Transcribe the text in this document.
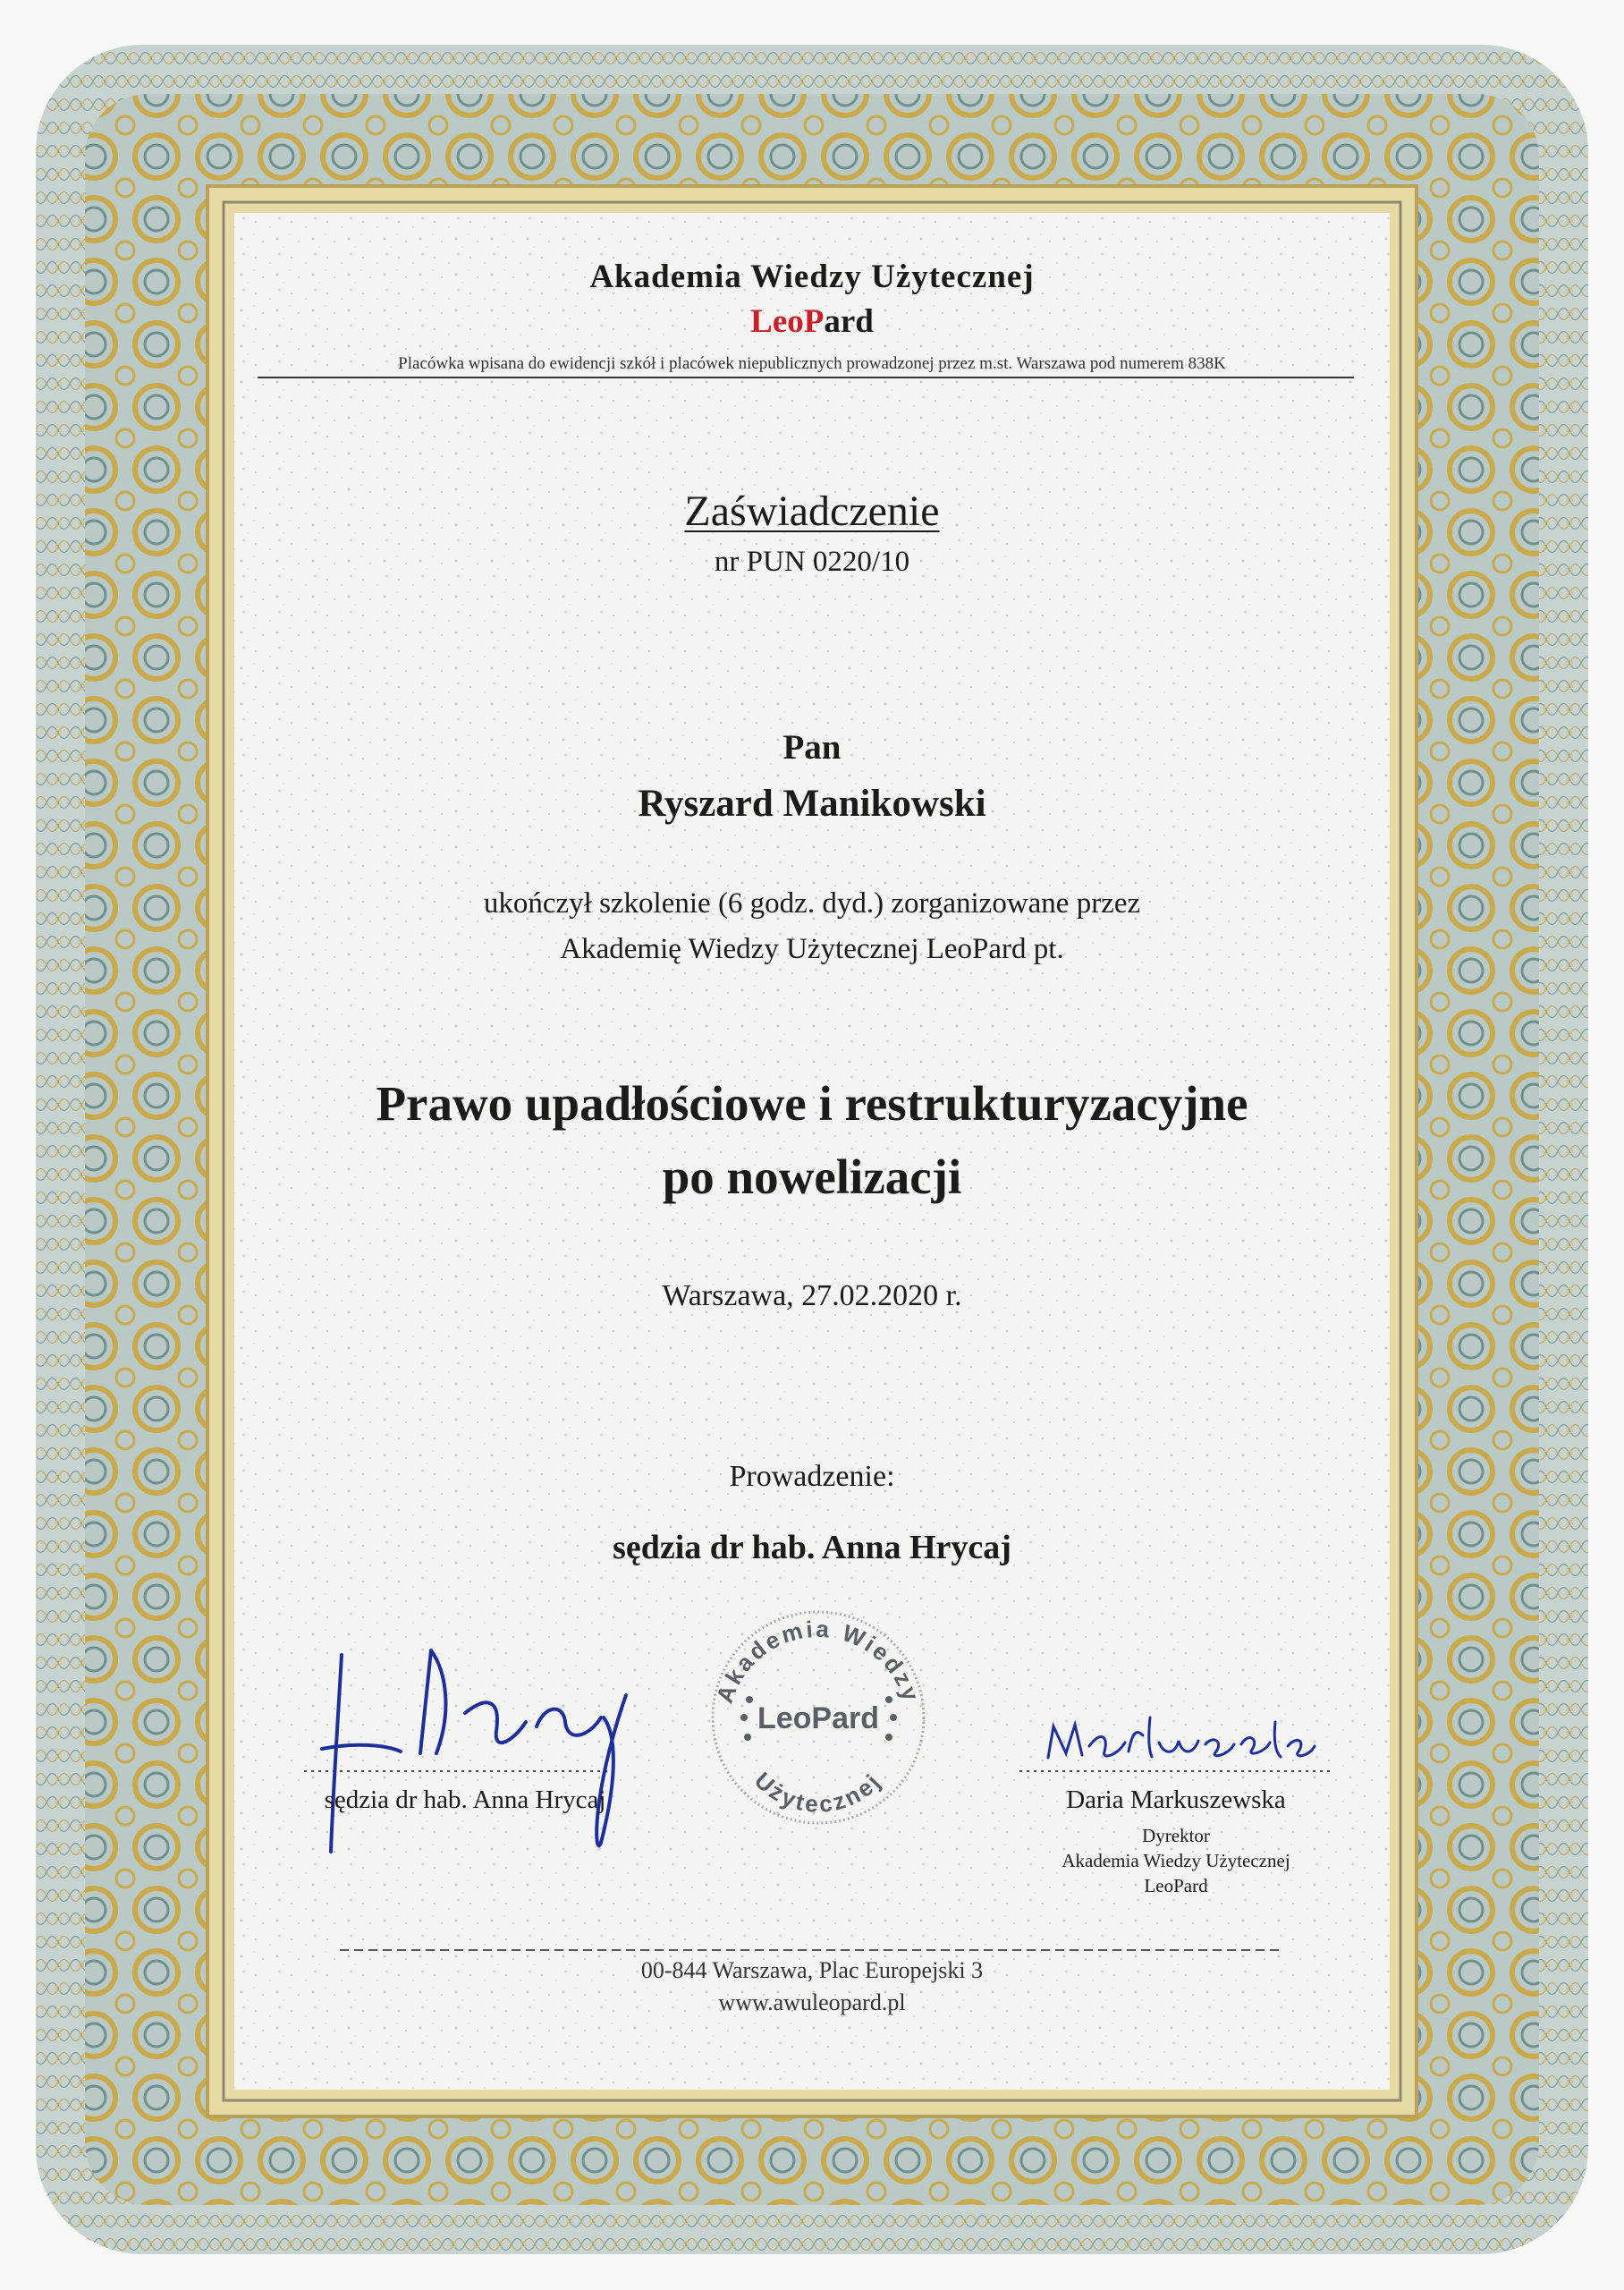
Akademia Wiedzy
Użytecznej
LeoPard
Akademia Wiedzy Użytecznej
LeoPard
Placówka wpisana do ewidencji szkół i placówek niepublicznych prowadzonej przez m.st. Warszawa pod numerem 838K
Zaświadczenie
nr PUN 0220/10
Pan
Ryszard Manikowski
ukończył szkolenie (6 godz. dyd.) zorganizowane przez
Akademię Wiedzy Użytecznej LeoPard pt.
Prawo upadłościowe i restrukturyzacyjne
po nowelizacji
Warszawa, 27.02.2020 r.
Prowadzenie:
sędzia dr hab. Anna Hrycaj
sędzia dr hab. Anna Hrycaj	Daria Markuszewska
Dyrektor
Akademia Wiedzy Użytecznej
LeoPard
00-844 Warszawa, Plac Europejski 3
www.awuleopard.pl
